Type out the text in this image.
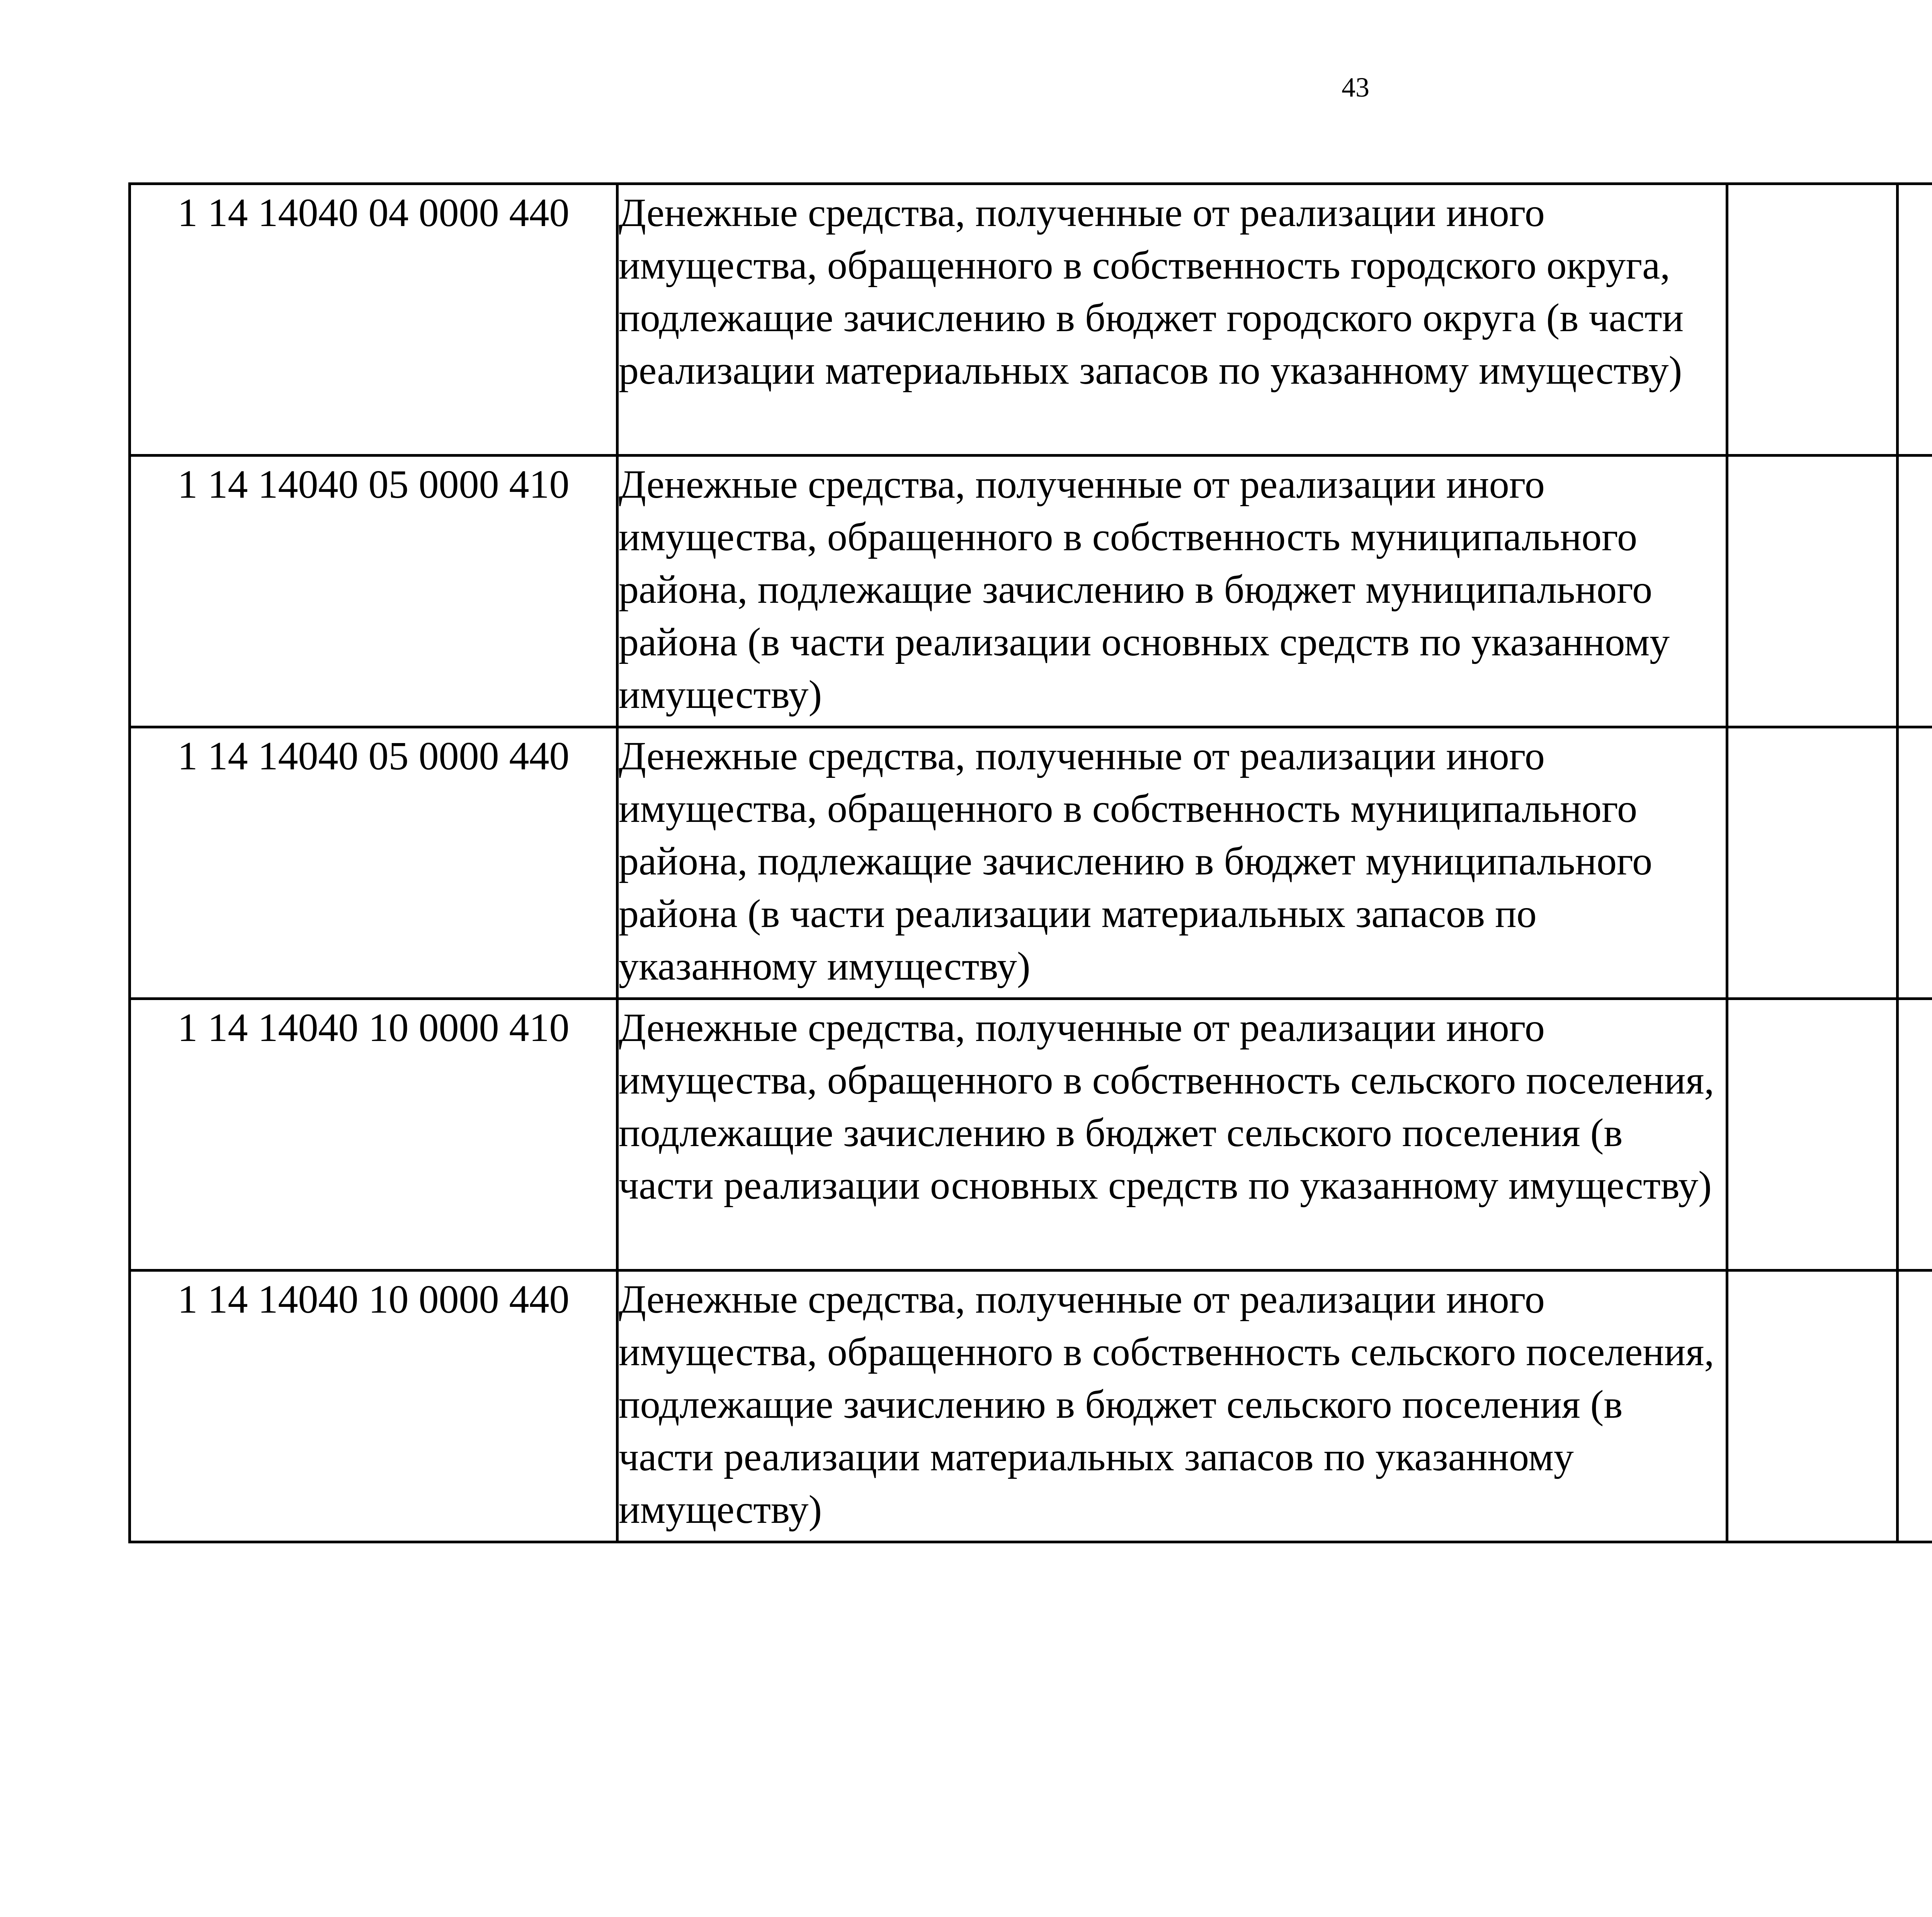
43
1 14 14040 04 0000 440	Денежные средства, полученные от реализации иного имущества, обращенного в собственность городского округа, подлежащие зачислению в бюджет городского округа (в части реализации материальных запасов по указанному имуществу)

1 14 14040 05 0000 410	Денежные средства, полученные от реализации иного имущества, обращенного в собственность муниципального района, подлежащие зачислению в бюджет муниципального района (в части реализации основных средств по указанному имуществу)

1 14 14040 05 0000 440	Денежные средства, полученные от реализации иного имущества, обращенного в собственность муниципального района, подлежащие зачислению в бюджет муниципального района (в части реализации материальных запасов по указанному имуществу)

1 14 14040 10 0000 410	Денежные средства, полученные от реализации иного имущества, обращенного в собственность сельского поселения, подлежащие зачислению в бюджет сельского поселения (в части реализации основных средств по указанному имуществу)

1 14 14040 10 0000 440	Денежные средства, полученные от реализации иного имущества, обращенного в собственность сельского поселения, подлежащие зачислению в бюджет сельского поселения (в части реализации материальных запасов по указанному имуществу)
